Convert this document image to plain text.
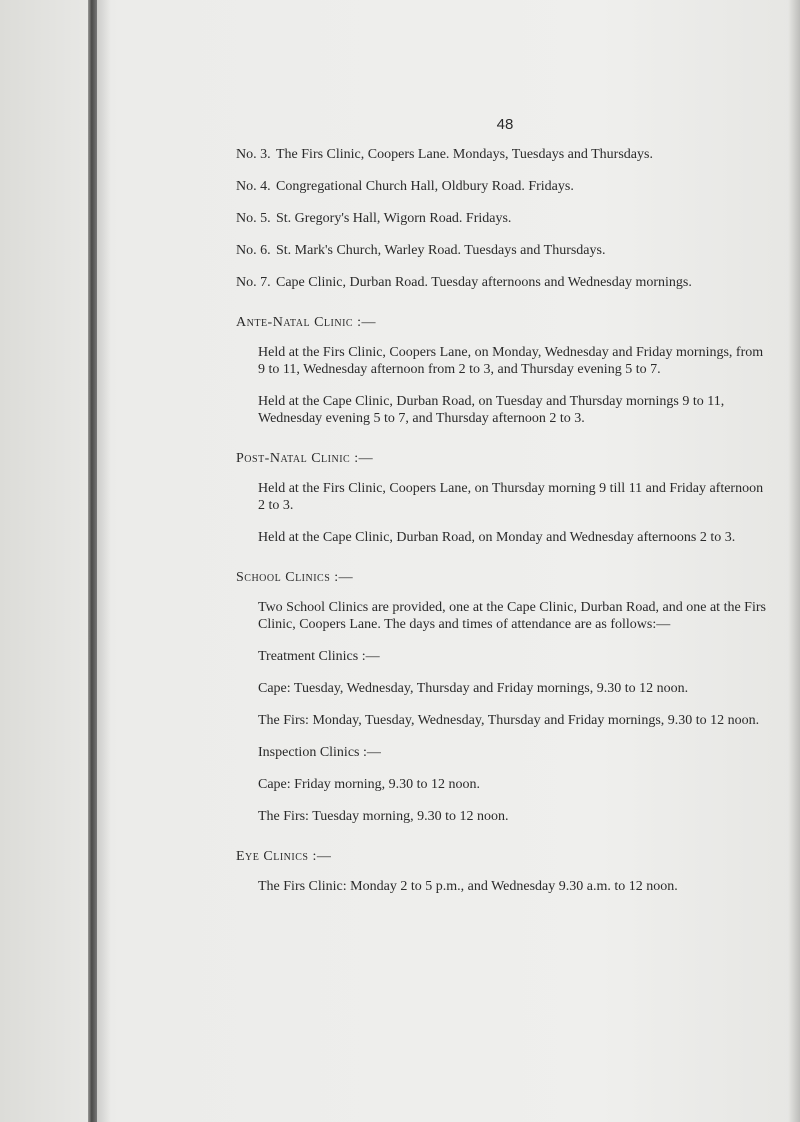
48
No. 3. The Firs Clinic, Coopers Lane. Mondays, Tuesdays and Thursdays.
No. 4. Congregational Church Hall, Oldbury Road. Fridays.
No. 5. St. Gregory's Hall, Wigorn Road. Fridays.
No. 6. St. Mark's Church, Warley Road. Tuesdays and Thursdays.
No. 7. Cape Clinic, Durban Road. Tuesday afternoons and Wednesday mornings.
Ante-Natal Clinic :—
Held at the Firs Clinic, Coopers Lane, on Monday, Wednesday and Friday mornings, from 9 to 11, Wednesday afternoon from 2 to 3, and Thursday evening 5 to 7.
Held at the Cape Clinic, Durban Road, on Tuesday and Thursday mornings 9 to 11, Wednesday evening 5 to 7, and Thursday afternoon 2 to 3.
Post-Natal Clinic :—
Held at the Firs Clinic, Coopers Lane, on Thursday morning 9 till 11 and Friday afternoon 2 to 3.
Held at the Cape Clinic, Durban Road, on Monday and Wednesday afternoons 2 to 3.
School Clinics :—
Two School Clinics are provided, one at the Cape Clinic, Durban Road, and one at the Firs Clinic, Coopers Lane. The days and times of attendance are as follows:—
Treatment Clinics :—
Cape: Tuesday, Wednesday, Thursday and Friday mornings, 9.30 to 12 noon.
The Firs: Monday, Tuesday, Wednesday, Thursday and Friday mornings, 9.30 to 12 noon.
Inspection Clinics :—
Cape: Friday morning, 9.30 to 12 noon.
The Firs: Tuesday morning, 9.30 to 12 noon.
Eye Clinics :—
The Firs Clinic: Monday 2 to 5 p.m., and Wednesday 9.30 a.m. to 12 noon.
